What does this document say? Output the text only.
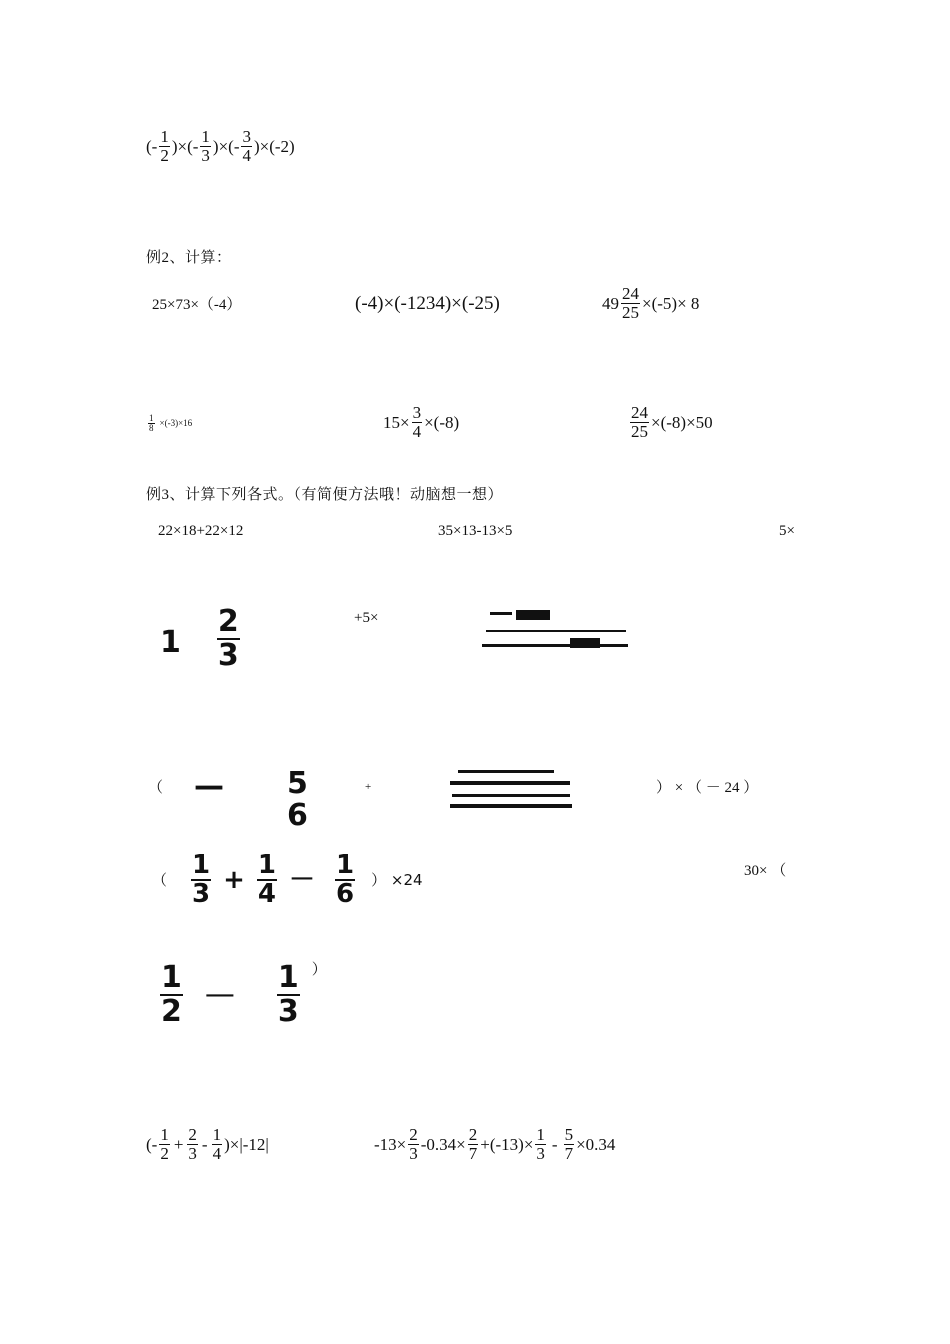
(- $\frac{1}{2}$ )×(- $\frac{1}{3}$ )×(- $\frac{3}{4} )\times(-2)$
例2、计算：
25×73×（-4）	(-4)×(-1234)×(-25)	$49 \frac{24}{25} \times(-5)\times 8$
$\frac{1}{8} \times(-3)\times 16$	$15\times \frac{3}{4} \times(-8)$	$\frac{24}{25} \times(-8)\times 50$
例3、计算下列各式。（有简便方法哦！动脑想一想）
22×18+22×12	35×13-13×5	5×
$1 \frac{2}{3}$	+5×
（ — 5
6
+	） × （ － 24 ）
（ $\frac{1}{3} + \frac{1}{4} - \frac{1}{6}$ ） ×24	30× （
$\frac{1}{2}$ — $\frac{1}{3}$ ）
(- $\frac{1}{2} + \frac{2}{3} - \frac{1}{4} )\times|-12|$	$-13\times \frac{2}{3} -0.34\times \frac{2}{7} +(-13)\times \frac{1}{3} - \frac{5}{7} \times 0.34$
